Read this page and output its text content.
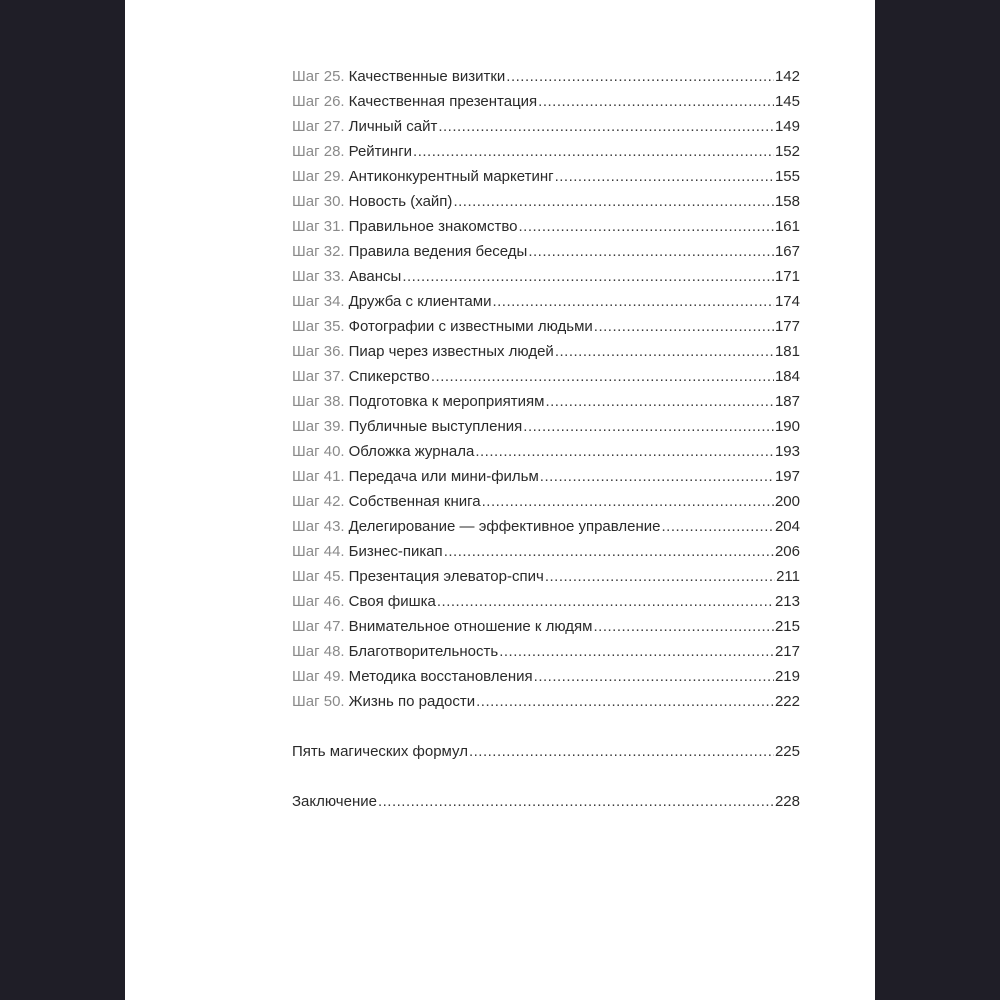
Шаг 25. Качественные визитки .....	142
Шаг 26. Качественная презентация .....	145
Шаг 27. Личный сайт .....	149
Шаг 28. Рейтинги .....	152
Шаг 29. Антиконкурентный маркетинг .....	155
Шаг 30. Новость (хайп) .....	158
Шаг 31. Правильное знакомство .....	161
Шаг 32. Правила ведения беседы .....	167
Шаг 33. Авансы .....	171
Шаг 34. Дружба с клиентами .....	174
Шаг 35. Фотографии с известными людьми .....	177
Шаг 36. Пиар через известных людей .....	181
Шаг 37. Спикерство .....	184
Шаг 38. Подготовка к мероприятиям .....	187
Шаг 39. Публичные выступления .....	190
Шаг 40. Обложка журнала .....	193
Шаг 41. Передача или мини-фильм .....	197
Шаг 42. Собственная книга .....	200
Шаг 43. Делегирование — эффективное управление .....	204
Шаг 44. Бизнес-пикап .....	206
Шаг 45. Презентация элеватор-спич .....	211
Шаг 46. Своя фишка .....	213
Шаг 47. Внимательное отношение к людям .....	215
Шаг 48. Благотворительность .....	217
Шаг 49. Методика восстановления .....	219
Шаг 50. Жизнь по радости .....	222
Пять магических формул .....	225
Заключение .....	228
